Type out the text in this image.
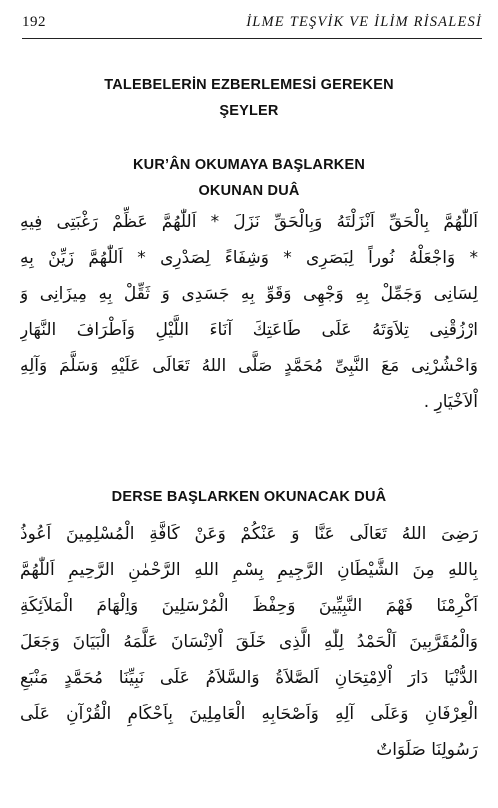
192	İLME TEŞVİK VE İLİM RİSALESİ
TALEBELERİN EZBERLEMESİ GEREKEN
ŞEYLER
KUR’ÂN OKUMAYA BAŞLARKEN
OKUNAN DUÂ
اَللّٰهُمَّ بِالْحَقِّ اَنْزَلْتَهُ وَبِالْحَقِّ نَزَلَ * اَللّٰهُمَّ عَظِّمْ رَغْبَتِى فِيهِ
* وَاجْعَلْهُ نُوراً لِبَصَرِى * وَشِفَاءً لِصَدْرِى * اَللّٰهُمَّ زَيِّنْ بِهِ
لِسَانِى وَجَمِّلْ بِهِ وَجْهِى وَقَوِّ بِهِ جَسَدِى وَ ثَقِّلْ بِهِ مِيزَانِى وَ
ارْزُقْنِى تِلاَوَتَهُ عَلَى طَاعَتِكَ آنَاءَ اللَّيْلِ وَاَطْرَافَ النَّهَارِ
وَاحْشُرْنِى مَعَ النَّبِىِّ مُحَمَّدٍ صَلَّى اللهُ تَعَالَى عَلَيْهِ وَسَلَّمَ وَآلِهِ
اْلاَخْيَارِ .
DERSE BAŞLARKEN OKUNACAK DUÂ
رَضِىَ اللهُ تَعَالَى عَنَّا وَ عَنْكُمْ وَعَنْ كَافَّةِ الْمُسْلِمِينَ اَعُوذُ
بِاللهِ مِنَ الشَّيْطَانِ الرَّجِيمِ بِسْمِ اللهِ الرَّحْمٰنِ الرَّحِيمِ اَللّٰهُمَّ
اَكْرِمْنَا فَهْمَ النَّبِيِّينَ وَحِفْظَ الْمُرْسَلِينَ وَاِلْهَامَ الْمَلاَئِكَةِ
وَالْمُقَرَّبِينَ اَلْحَمْدُ لِلّٰهِ الَّذِى خَلَقَ اْلاِنْسَانَ عَلَّمَهُ الْبَيَانَ وَجَعَلَ
الدُّنْيَا دَارَ اْلاِمْتِحَانِ اَلصَّلاَةُ وَالسَّلاَمُ عَلَى نَبِيِّنَا مُحَمَّدٍ مَنْبَعِ
الْعِرْفَانِ وَعَلَى آلِهِ وَاَصْحَابِهِ الْعَامِلِينَ بِاَحْكَامِ الْقُرْآنِ عَلَى
رَسُولِنَا صَلَوَاتٌ
